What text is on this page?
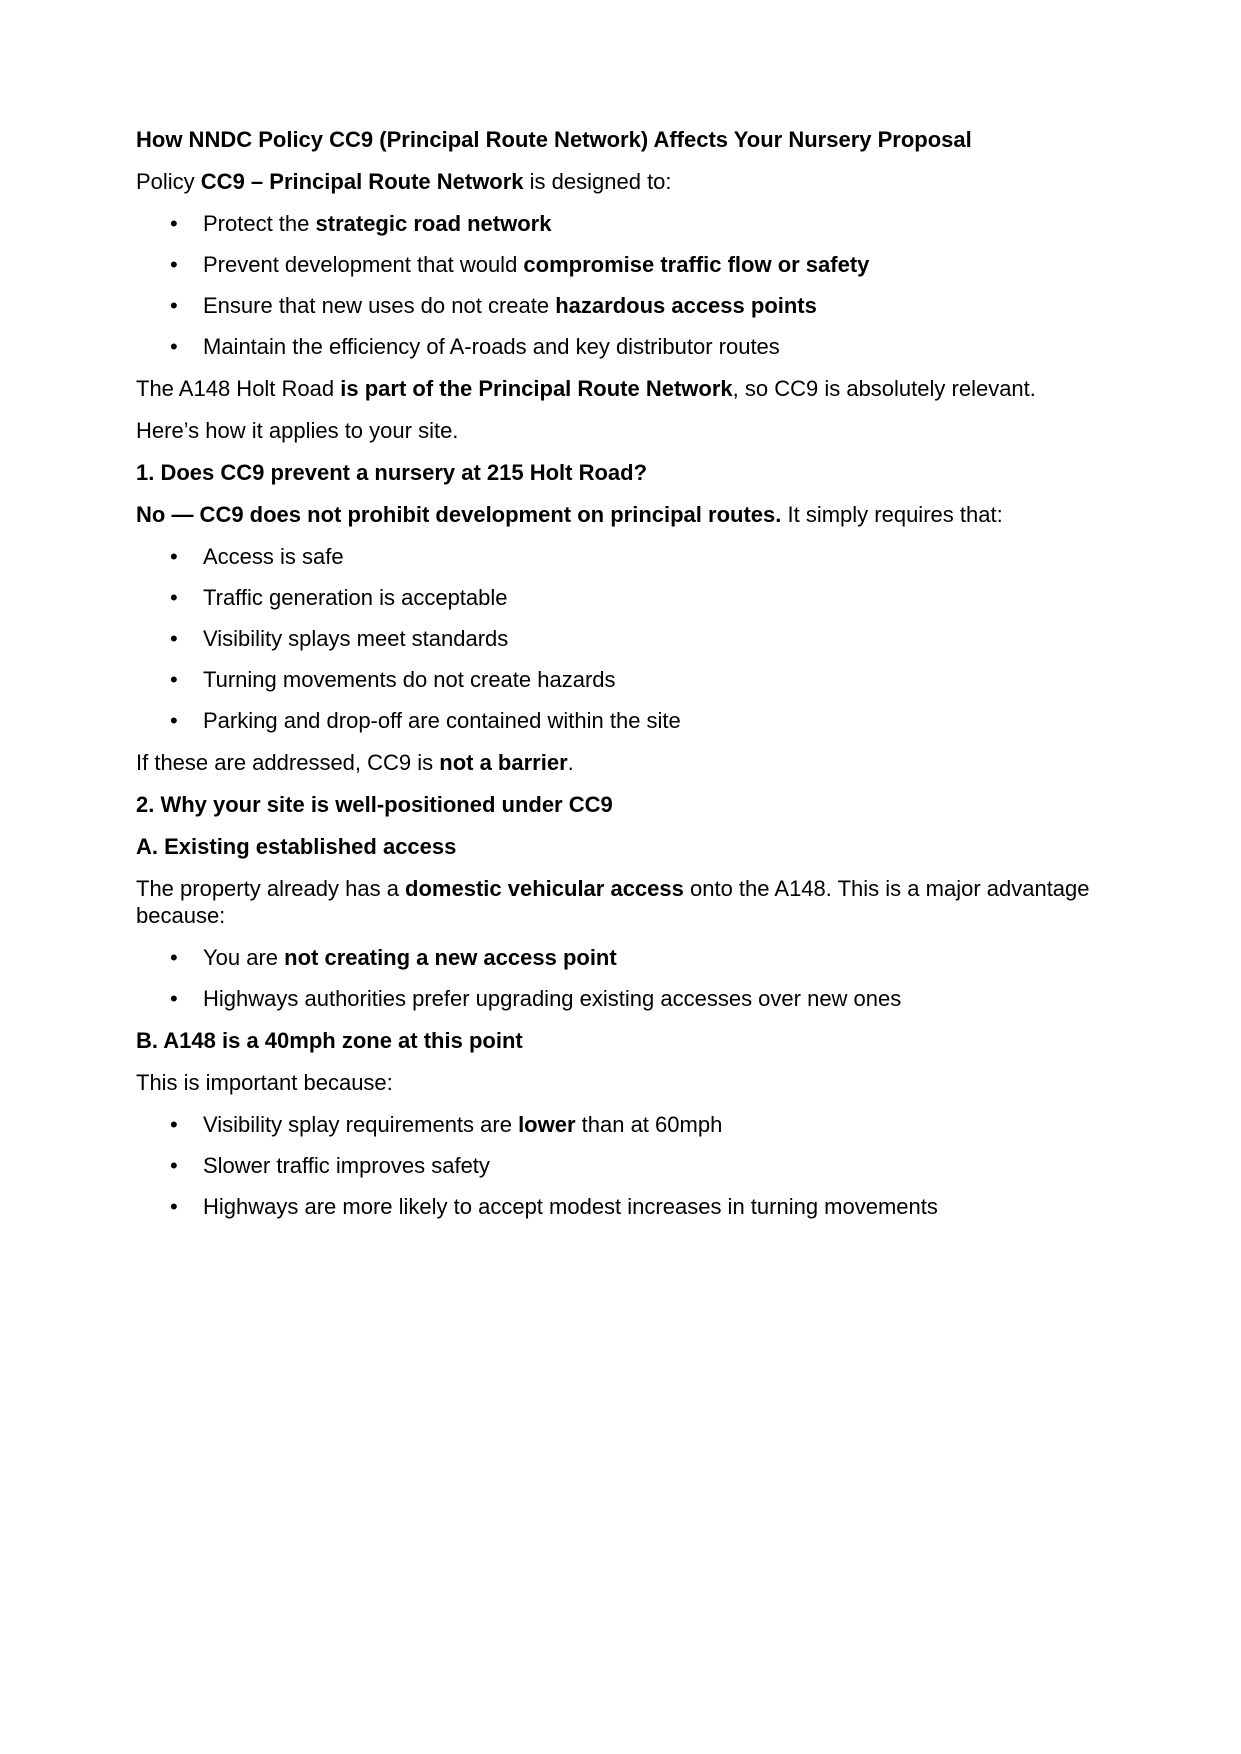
How NNDC Policy CC9 (Principal Route Network) Affects Your Nursery Proposal

Policy CC9 – Principal Route Network is designed to:

• Protect the strategic road network
• Prevent development that would compromise traffic flow or safety
• Ensure that new uses do not create hazardous access points
• Maintain the efficiency of A-roads and key distributor routes

The A148 Holt Road is part of the Principal Route Network, so CC9 is absolutely relevant.

Here’s how it applies to your site.

1. Does CC9 prevent a nursery at 215 Holt Road?

No — CC9 does not prohibit development on principal routes. It simply requires that:

• Access is safe
• Traffic generation is acceptable
• Visibility splays meet standards
• Turning movements do not create hazards
• Parking and drop-off are contained within the site

If these are addressed, CC9 is not a barrier.

2. Why your site is well-positioned under CC9

A. Existing established access

The property already has a domestic vehicular access onto the A148. This is a major advantage because:

• You are not creating a new access point
• Highways authorities prefer upgrading existing accesses over new ones

B. A148 is a 40mph zone at this point

This is important because:

• Visibility splay requirements are lower than at 60mph
• Slower traffic improves safety
• Highways are more likely to accept modest increases in turning movements
